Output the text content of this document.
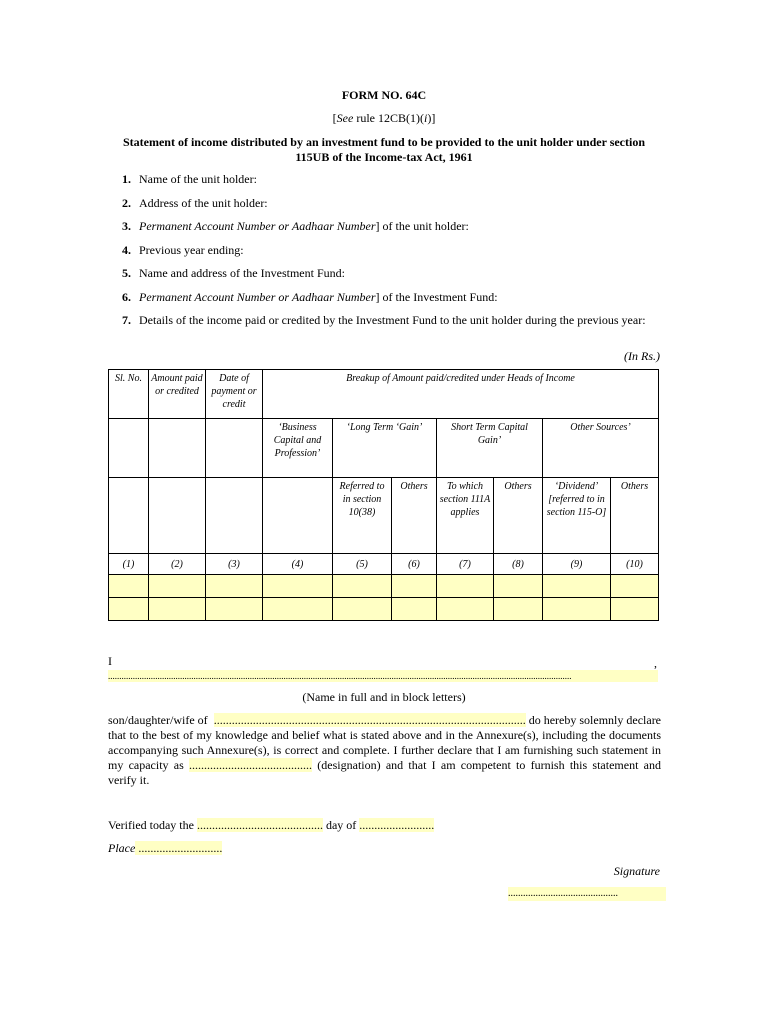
FORM NO. 64C
[See rule 12CB(1)(i)]
Statement of income distributed by an investment fund to be provided to the unit holder under section 115UB of the Income-tax Act, 1961
1. Name of the unit holder:
2. Address of the unit holder:
3. Permanent Account Number or Aadhaar Number] of the unit holder:
4. Previous year ending:
5. Name and address of the Investment Fund:
6. Permanent Account Number or Aadhaar Number] of the Investment Fund:
7. Details of the income paid or credited by the Investment Fund to the unit holder during the previous year:
(In Rs.)
Sl. No.	Amount paid or credited	Date of payment or credit	Breakup of Amount paid/credited under Heads of Income						
			‘Business Capital and Profession’	‘Long Term ‘Gain’		Short Term Capital Gain’		Other Sources’	
				Referred to in section 10(38)	Others	To which section 111A applies	Others	‘Dividend’ [referred to in section 115-O]	Others
(1)	(2)	(3)	(4)	(5)	(6)	(7)	(8)	(9)	(10)

I	,
..............................................................................................................................................................................................................
(Name in full and in block letters)
son/daughter/wife of ........................................................................................................ do hereby solemnly declare that to the best of my knowledge and belief what is stated above and in the Annexure(s), including the documents accompanying such Annexure(s), is correct and complete. I further declare that I am furnishing such statement in my capacity as ......................................... (designation) and that I am competent to furnish this statement and verify it.
Verified today the .......................................... day of .........................
Place ............................
Signature
............................................
